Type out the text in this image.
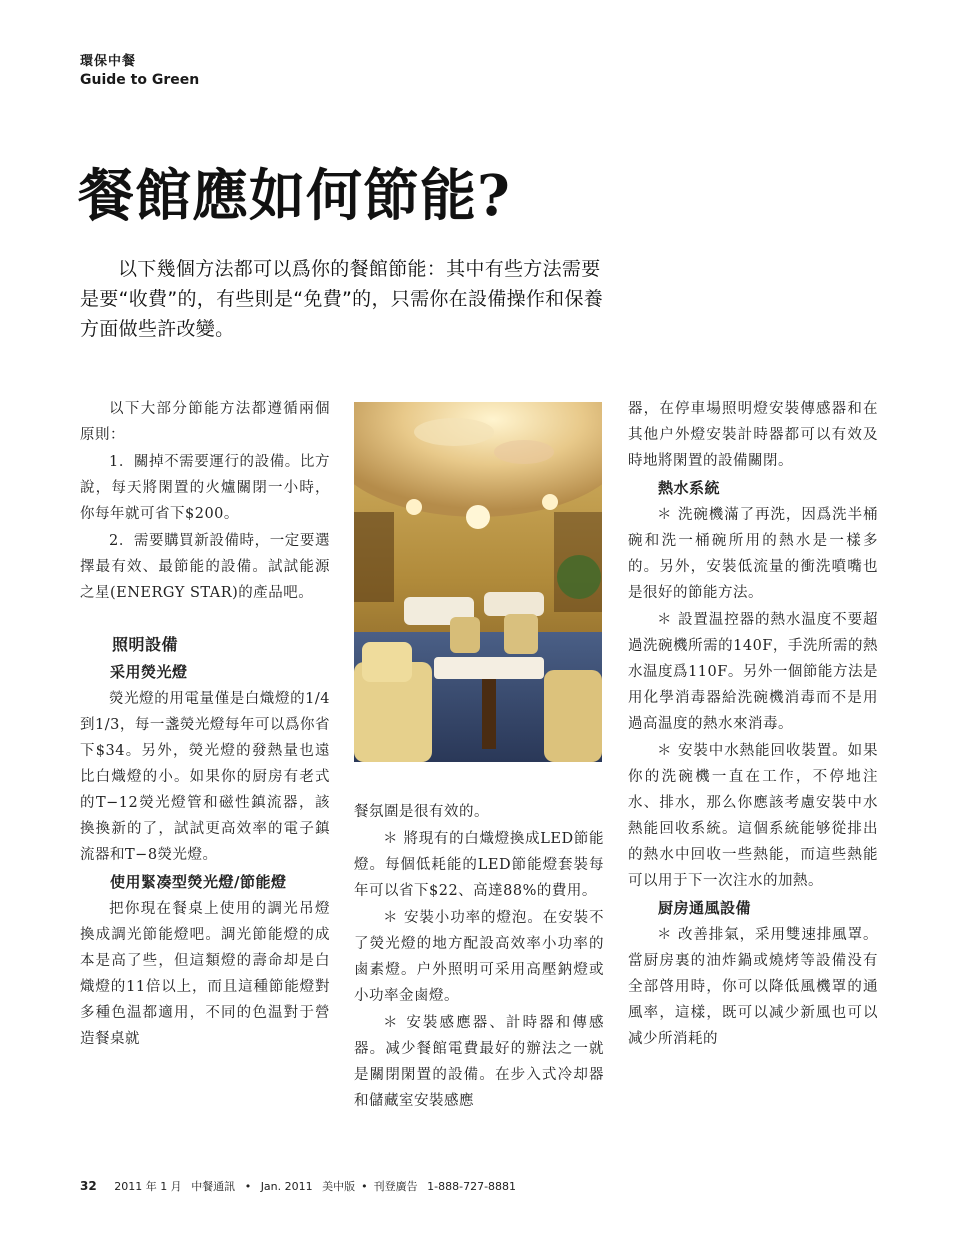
環保中餐
Guide to Green
餐館應如何節能?

以下幾個方法都可以爲你的餐館節能：其中有些方法需要是要“收費”的，有些則是“免費”的，只需你在設備操作和保養方面做些許改變。

以下大部分節能方法都遵循兩個原則：

1．關掉不需要運行的設備。比方說，每天將閑置的火爐關閉一小時，你每年就可省下$200。

2．需要購買新設備時，一定要選擇最有效、最節能的設備。試試能源之星(ENERGY STAR)的產品吧。

照明設備
采用熒光燈

熒光燈的用電量僅是白熾燈的1/4到1/3，每一盞熒光燈每年可以爲你省下$34。另外，熒光燈的發熱量也遠比白熾燈的小。如果你的厨房有老式的T−12熒光燈管和磁性鎮流器，該換換新的了，試試更高效率的電子鎮流器和T−8熒光燈。

使用緊凑型熒光燈/節能燈

把你現在餐桌上使用的調光吊燈換成調光節能燈吧。調光節能燈的成本是高了些，但這類燈的壽命却是白熾燈的11倍以上，而且這種節能燈對多種色温都適用，不同的色温對于營造餐桌就

餐氛圍是很有效的。

＊ 將現有的白熾燈換成LED節能燈。每個低耗能的LED節能燈套裝每年可以省下$22、高達88%的費用。

＊ 安裝小功率的燈泡。在安裝不了熒光燈的地方配設高效率小功率的鹵素燈。户外照明可采用高壓鈉燈或小功率金鹵燈。

＊ 安裝感應器、計時器和傳感器。减少餐館電費最好的辦法之一就是關閉閑置的設備。在步入式冷却器和儲藏室安裝感應

器，在停車場照明燈安裝傳感器和在其他户外燈安裝計時器都可以有效及時地將閑置的設備關閉。

熱水系統

＊ 洗碗機滿了再洗，因爲洗半桶碗和洗一桶碗所用的熱水是一樣多的。另外，安裝低流量的衝洗噴嘴也是很好的節能方法。

＊ 設置温控器的熱水温度不要超過洗碗機所需的140F，手洗所需的熱水温度爲110F。另外一個節能方法是用化學消毒器給洗碗機消毒而不是用過高温度的熱水來消毒。

＊ 安裝中水熱能回收裝置。如果你的洗碗機一直在工作，不停地注水、排水，那么你應該考慮安裝中水熱能回收系統。這個系統能够從排出的熱水中回收一些熱能，而這些熱能可以用于下一次注水的加熱。

厨房通風設備

＊ 改善排氣，采用雙速排風罩。當厨房裏的油炸鍋或燒烤等設備没有全部啓用時，你可以降低風機罩的通風率，這樣，既可以减少新風也可以减少所消耗的

32 2011 年 1 月 中餐通訊 • Jan. 2011 美中版 • 刊登廣告 1-888-727-8881
